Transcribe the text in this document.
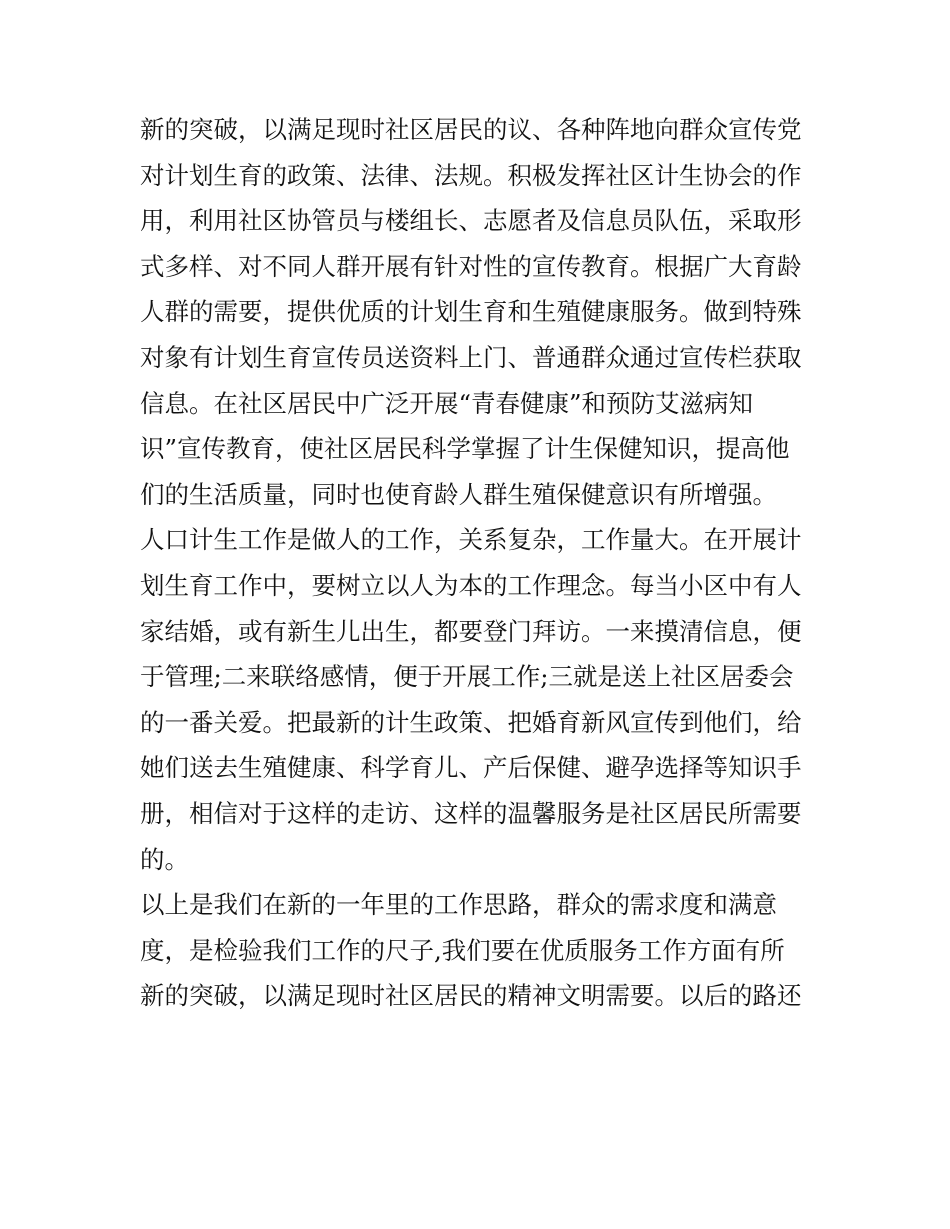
新的突破，以满足现时社区居民的议、各种阵地向群众宣传党
对计划生育的政策、法律、法规。积极发挥社区计生协会的作
用，利用社区协管员与楼组长、志愿者及信息员队伍，采取形
式多样、对不同人群开展有针对性的宣传教育。根据广大育龄
人群的需要，提供优质的计划生育和生殖健康服务。做到特殊
对象有计划生育宣传员送资料上门、普通群众通过宣传栏获取
信息。在社区居民中广泛开展“青春健康”和预防艾滋病知
识”宣传教育，使社区居民科学掌握了计生保健知识，提高他
们的生活质量，同时也使育龄人群生殖保健意识有所增强。
人口计生工作是做人的工作，关系复杂，工作量大。在开展计
划生育工作中，要树立以人为本的工作理念。每当小区中有人
家结婚，或有新生儿出生，都要登门拜访。一来摸清信息，便
于管理;二来联络感情，便于开展工作;三就是送上社区居委会
的一番关爱。把最新的计生政策、把婚育新风宣传到他们，给
她们送去生殖健康、科学育儿、产后保健、避孕选择等知识手
册，相信对于这样的走访、这样的温馨服务是社区居民所需要
的。
以上是我们在新的一年里的工作思路，群众的需求度和满意
度，是检验我们工作的尺子,我们要在优质服务工作方面有所
新的突破，以满足现时社区居民的精神文明需要。以后的路还
